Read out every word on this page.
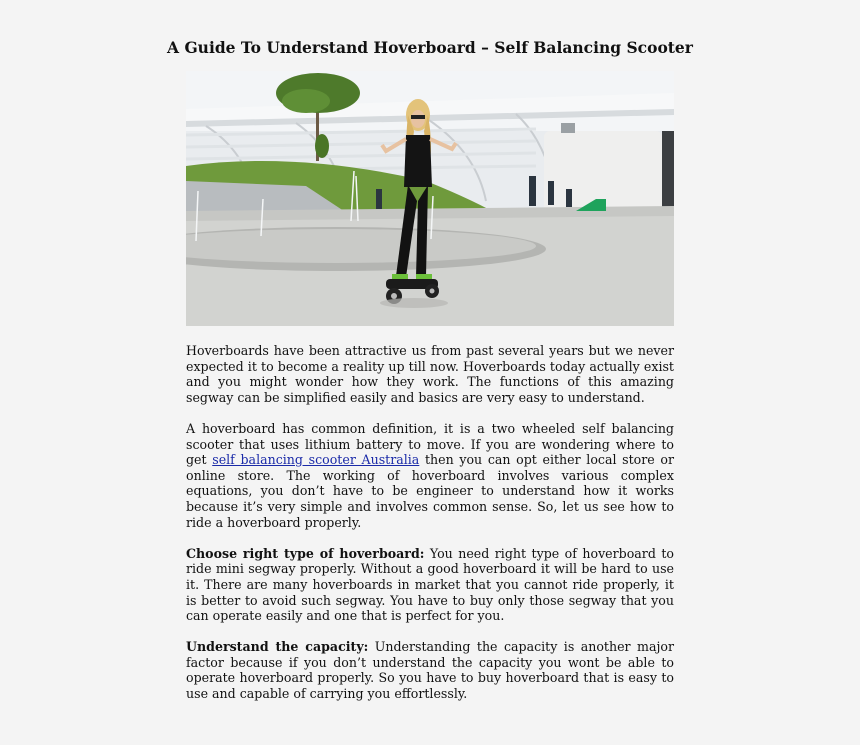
A Guide To Understand Hoverboard – Self Balancing Scooter

Hoverboards have been attractive us from past several years but we never expected it to become a reality up till now. Hoverboards today actually exist and you might wonder how they work. The functions of this amazing segway can be simplified easily and basics are very easy to understand.

A hoverboard has common definition, it is a two wheeled self balancing scooter that uses lithium battery to move. If you are wondering where to get self balancing scooter Australia then you can opt either local store or online store. The working of hoverboard involves various complex equations, you don’t have to be engineer to understand how it works because it’s very simple and involves common sense. So, let us see how to ride a hoverboard properly.

Choose right type of hoverboard: You need right type of hoverboard to ride mini segway properly. Without a good hoverboard it will be hard to use it. There are many hoverboards in market that you cannot ride properly, it is better to avoid such segway. You have to buy only those segway that you can operate easily and one that is perfect for you.

Understand the capacity: Understanding the capacity is another major factor because if you don’t understand the capacity you wont be able to operate hoverboard properly. So you have to buy hoverboard that is easy to use and capable of carrying you effortlessly.
